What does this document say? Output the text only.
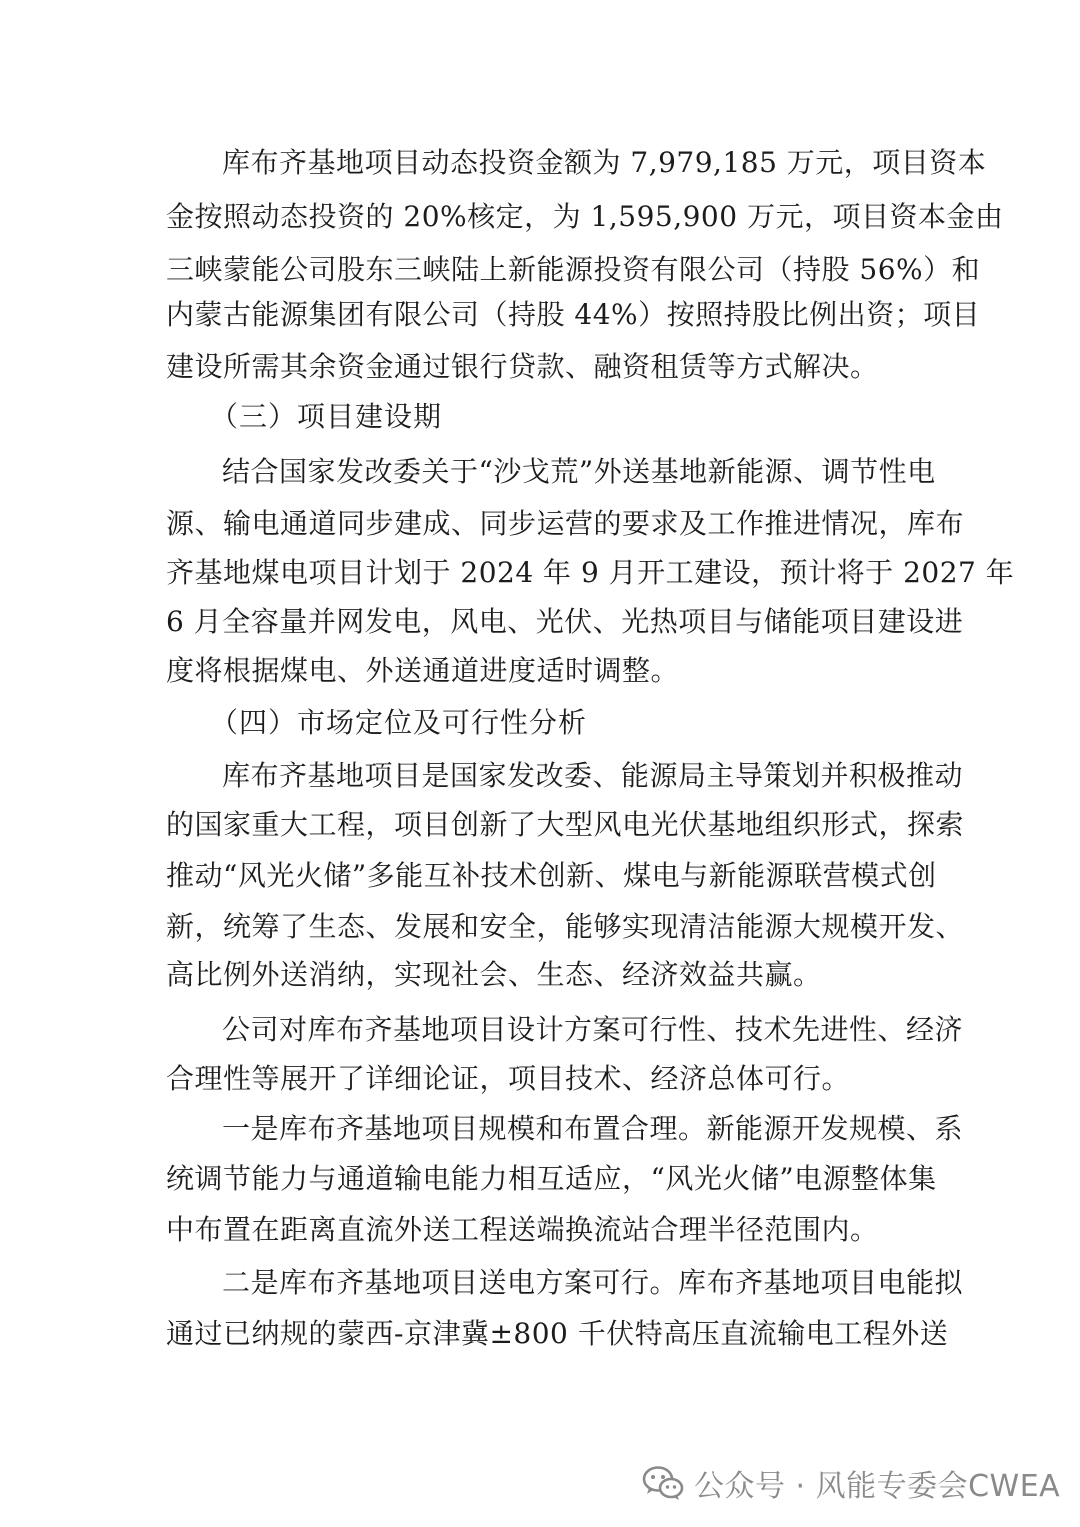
库布齐基地项目动态投资金额为 7,979,185 万元，项目资本
金按照动态投资的 20%核定，为 1,595,900 万元，项目资本金由
三峡蒙能公司股东三峡陆上新能源投资有限公司（持股 56%）和
内蒙古能源集团有限公司（持股 44%）按照持股比例出资；项目
建设所需其余资金通过银行贷款、融资租赁等方式解决。
（三）项目建设期
结合国家发改委关于“沙戈荒”外送基地新能源、调节性电
源、输电通道同步建成、同步运营的要求及工作推进情况，库布
齐基地煤电项目计划于 2024 年 9 月开工建设，预计将于 2027 年
6 月全容量并网发电，风电、光伏、光热项目与储能项目建设进
度将根据煤电、外送通道进度适时调整。
（四）市场定位及可行性分析
库布齐基地项目是国家发改委、能源局主导策划并积极推动
的国家重大工程，项目创新了大型风电光伏基地组织形式，探索
推动“风光火储”多能互补技术创新、煤电与新能源联营模式创
新，统筹了生态、发展和安全，能够实现清洁能源大规模开发、
高比例外送消纳，实现社会、生态、经济效益共赢。
公司对库布齐基地项目设计方案可行性、技术先进性、经济
合理性等展开了详细论证，项目技术、经济总体可行。
一是库布齐基地项目规模和布置合理。新能源开发规模、系
统调节能力与通道输电能力相互适应，“风光火储”电源整体集
中布置在距离直流外送工程送端换流站合理半径范围内。
二是库布齐基地项目送电方案可行。库布齐基地项目电能拟
通过已纳规的蒙西-京津冀±800 千伏特高压直流输电工程外送
公众号 · 风能专委会CWEA
